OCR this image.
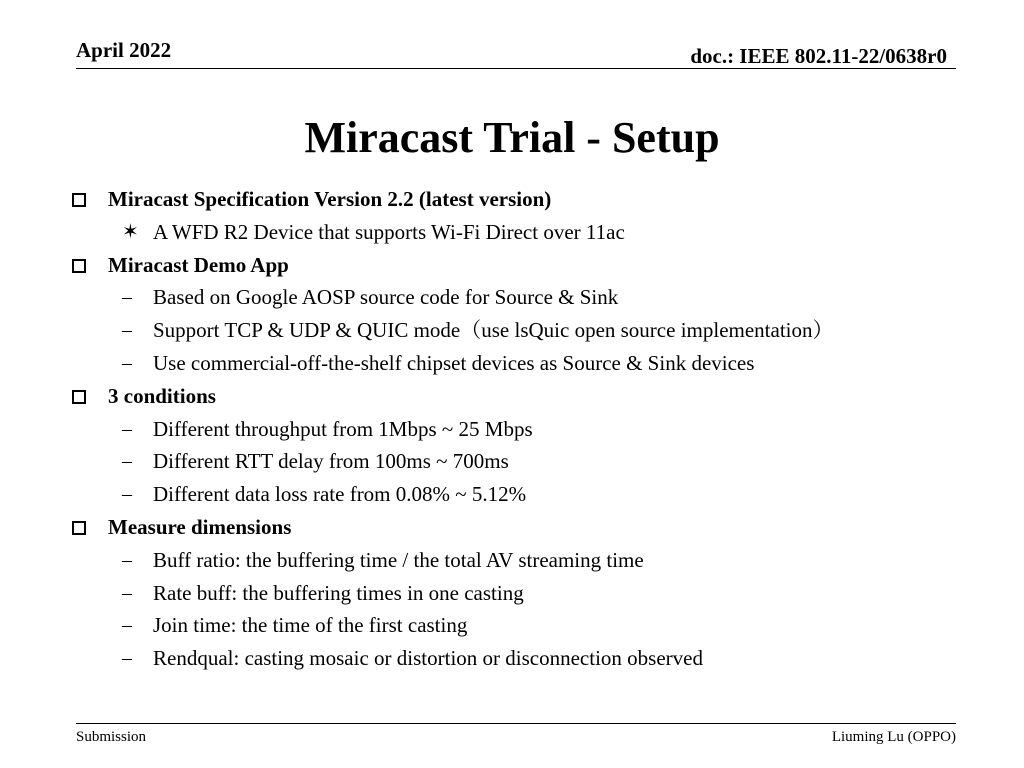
April 2022	doc.: IEEE 802.11-22/0638r0
Miracast Trial - Setup
Miracast Specification Version 2.2 (latest version)
✶ A WFD R2 Device that supports Wi-Fi Direct over 11ac
Miracast Demo App
–	Based on Google AOSP source code for Source & Sink
–	Support TCP & UDP & QUIC mode（use lsQuic open source implementation）
–	Use commercial-off-the-shelf chipset devices as Source & Sink devices
3 conditions
–	Different throughput from 1Mbps ~ 25 Mbps
–	Different RTT delay from 100ms ~ 700ms
–	Different data loss rate from 0.08% ~ 5.12%
Measure dimensions
–	Buff ratio: the buffering time / the total AV streaming time
–	Rate buff: the buffering times in one casting
–	Join time: the time of the first casting
–	Rendqual: casting mosaic or distortion or disconnection observed
Submission	Liuming Lu (OPPO)
